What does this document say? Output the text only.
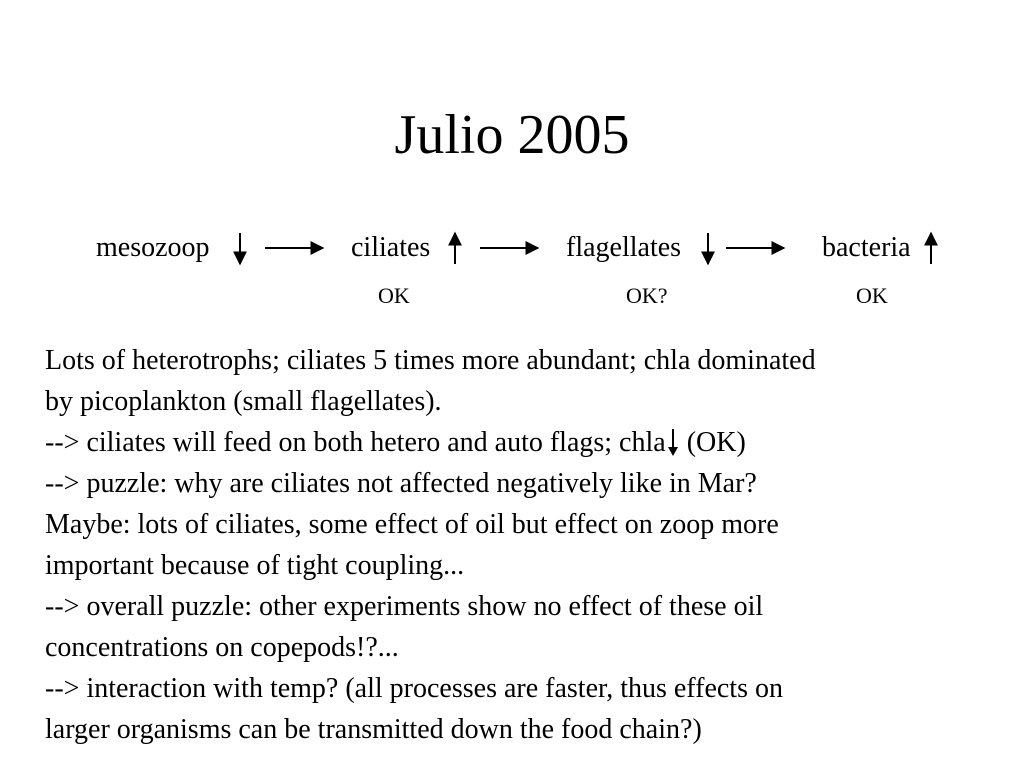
Julio 2005
mesozoop	ciliates	flagellates	bacteria
OK	OK?	OK
Lots of heterotrophs; ciliates 5 times more abundant; chla dominated
by picoplankton (small flagellates).
--> ciliates will feed on both hetero and auto flags; chla (OK)
--> puzzle: why are ciliates not affected negatively like in Mar?
Maybe: lots of ciliates, some effect of oil but effect on zoop more
important because of tight coupling...
--> overall puzzle: other experiments show no effect of these oil
concentrations on copepods!?...
--> interaction with temp? (all processes are faster, thus effects on
larger organisms can be transmitted down the food chain?)
